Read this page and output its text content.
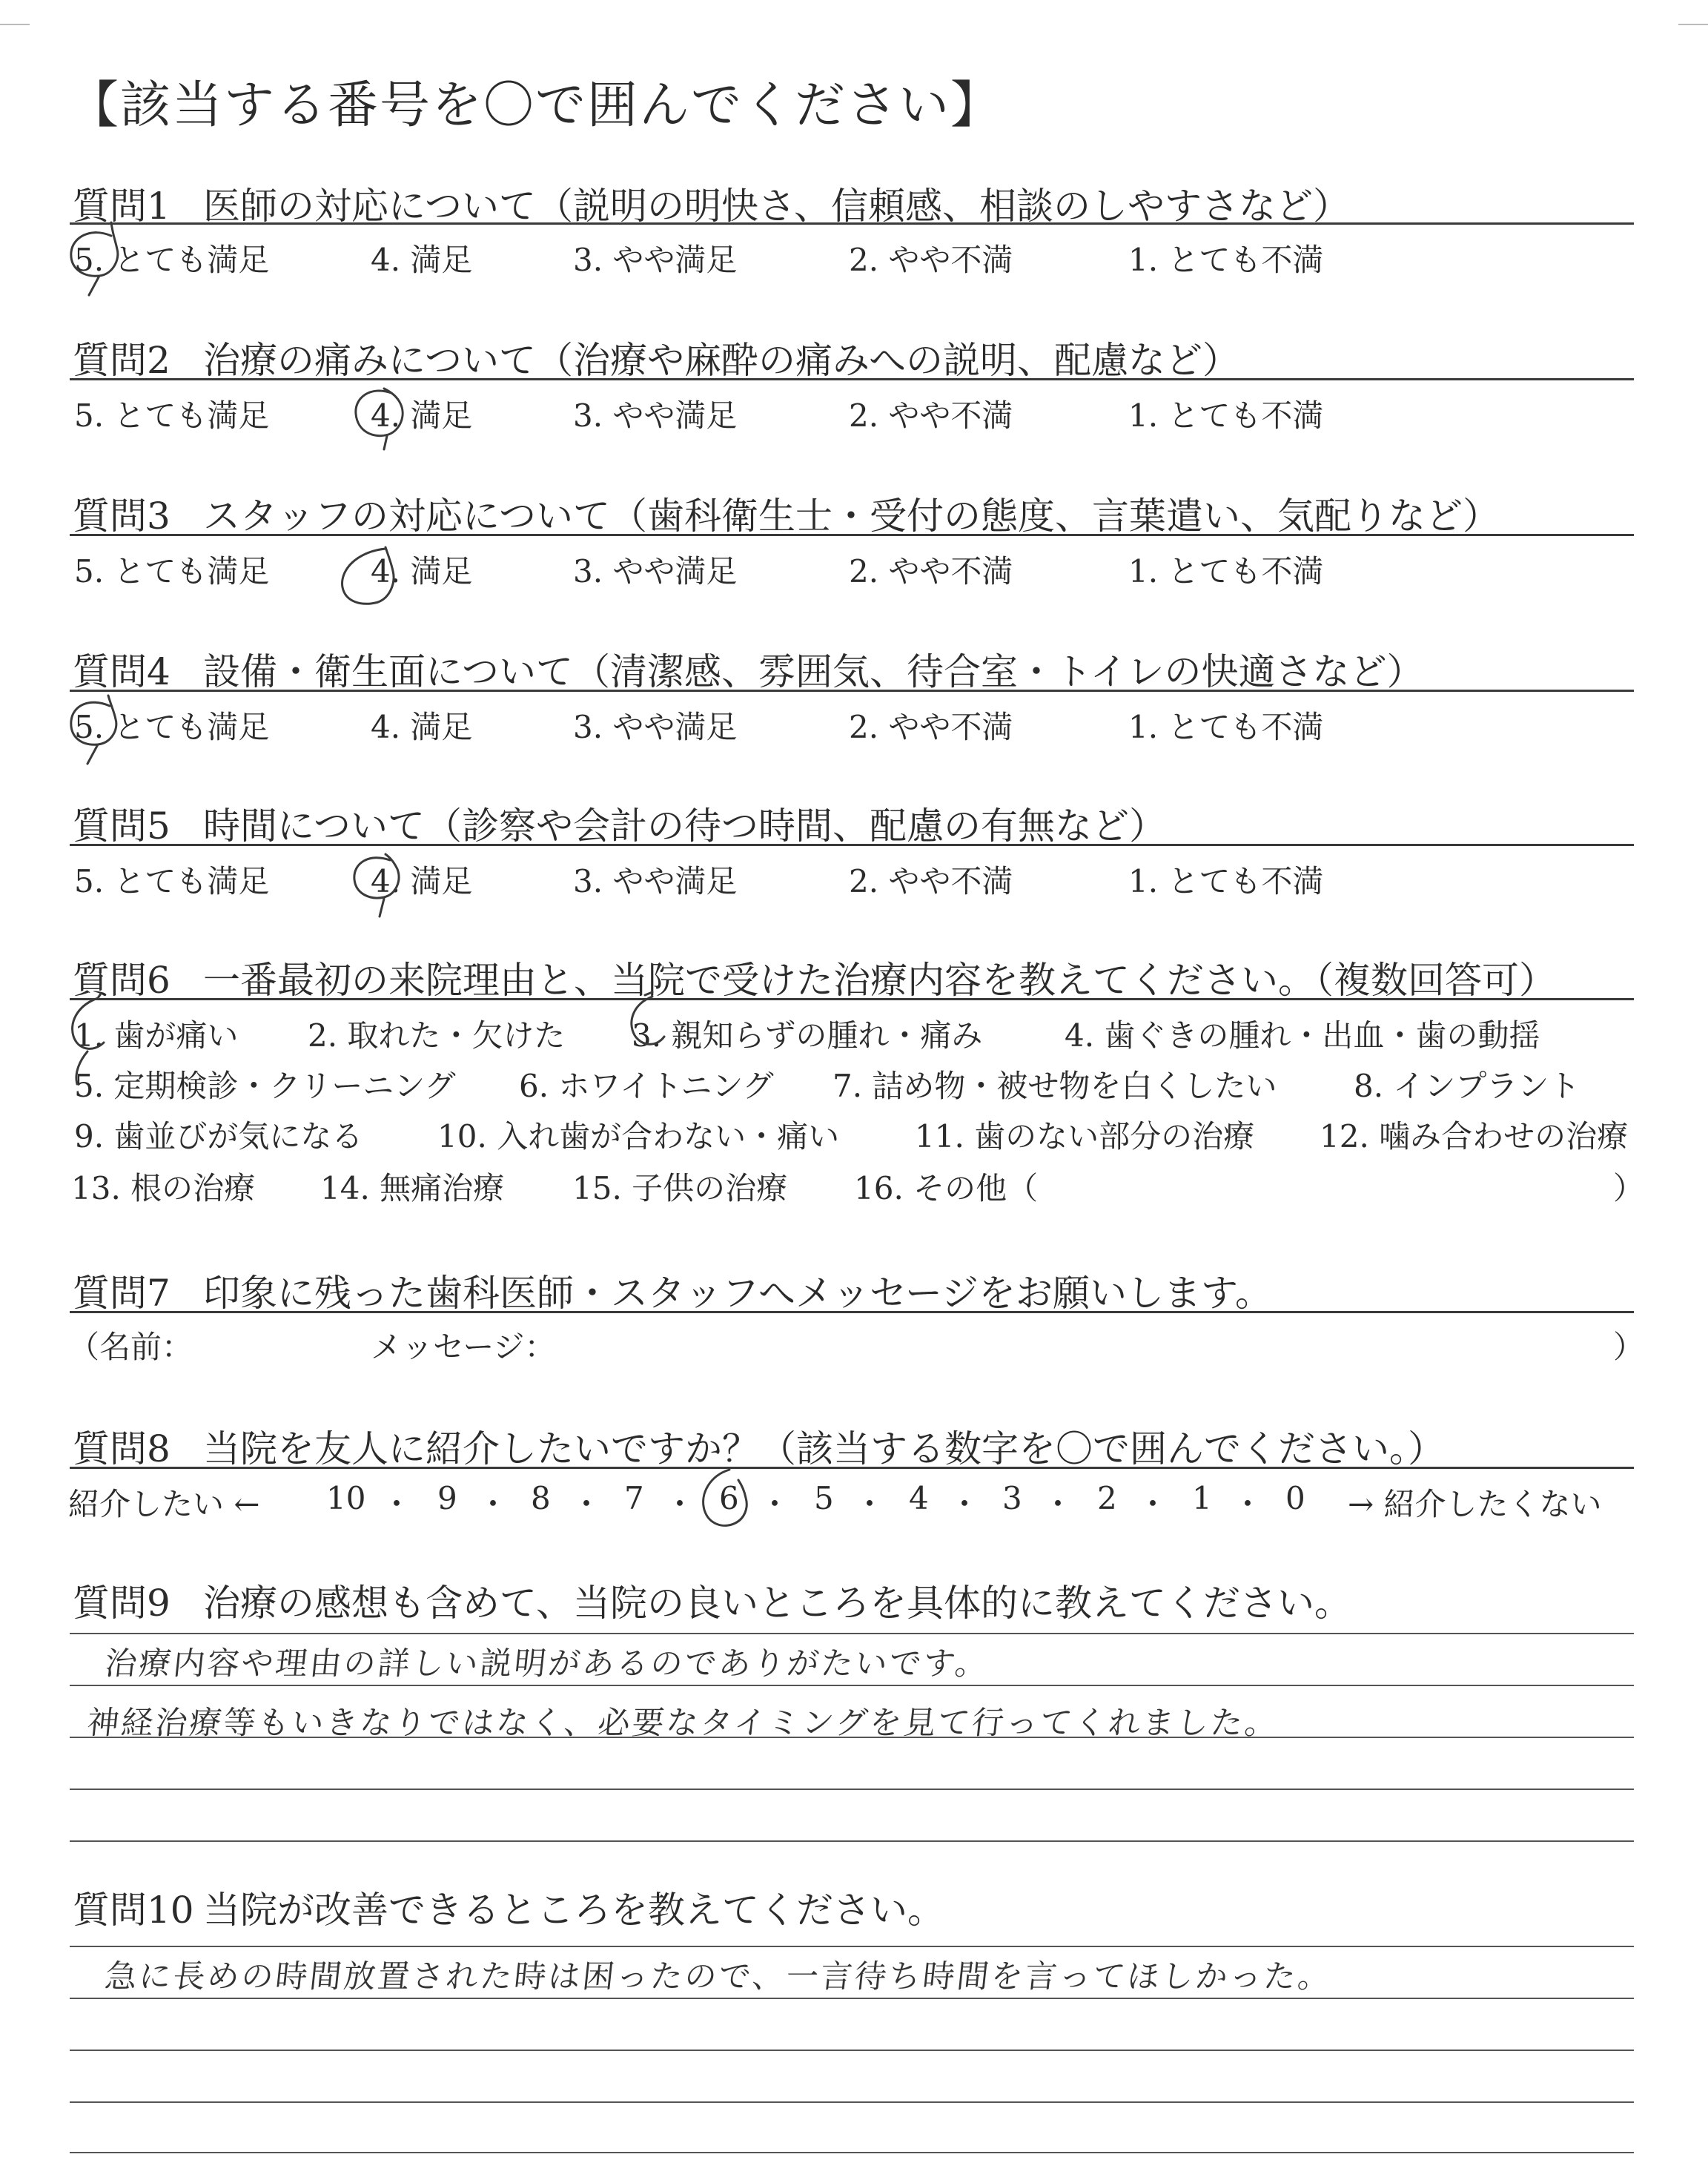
【該当する番号を〇で囲んでください】
質問1 医師の対応について（説明の明快さ、信頼感、相談のしやすさなど）
5. とても満足	4. 満足	3. やや満足	2. やや不満	1. とても不満
質問2 治療の痛みについて（治療や麻酔の痛みへの説明、配慮など）
5. とても満足	4. 満足	3. やや満足	2. やや不満	1. とても不満
質問3 スタッフの対応について（歯科衛生士・受付の態度、言葉遣い、気配りなど）
5. とても満足	4. 満足	3. やや満足	2. やや不満	1. とても不満
質問4 設備・衛生面について（清潔感、雰囲気、待合室・トイレの快適さなど）
5. とても満足	4. 満足	3. やや満足	2. やや不満	1. とても不満
質問5 時間について（診察や会計の待つ時間、配慮の有無など）
5. とても満足	4. 満足	3. やや満足	2. やや不満	1. とても不満
質問6 一番最初の来院理由と、当院で受けた治療内容を教えてください。（複数回答可）
1. 歯が痛い 2. 取れた・欠けた 3. 親知らずの腫れ・痛み	4. 歯ぐきの腫れ・出血・歯の動揺
5. 定期検診・クリーニング 6. ホワイトニング 7. 詰め物・被せ物を白くしたい 8. インプラント
9. 歯並びが気になる 10. 入れ歯が合わない・痛い 11. 歯のない部分の治療 12. 噛み合わせの治療
13. 根の治療 14. 無痛治療 15. 子供の治療 16. その他（	）
質問7 印象に残った歯科医師・スタッフへメッセージをお願いします。
（名前：	メッセージ：	）
質問8 当院を友人に紹介したいですか？（該当する数字を〇で囲んでください。）
紹介したい ← 10 9 8 7 6 5 4 3 2 1 0 → 紹介したくない
・ ・ ・ ・ ・ ・ ・ ・ ・ ・
質問9 治療の感想も含めて、当院の良いところを具体的に教えてください。
治療内容や理由の詳しい説明があるのでありがたいです。
神経治療等もいきなりではなく、必要なタイミングを見て行ってくれました。
質問10 当院が改善できるところを教えてください。
急に長めの時間放置された時は困ったので、一言待ち時間を言ってほしかった。
